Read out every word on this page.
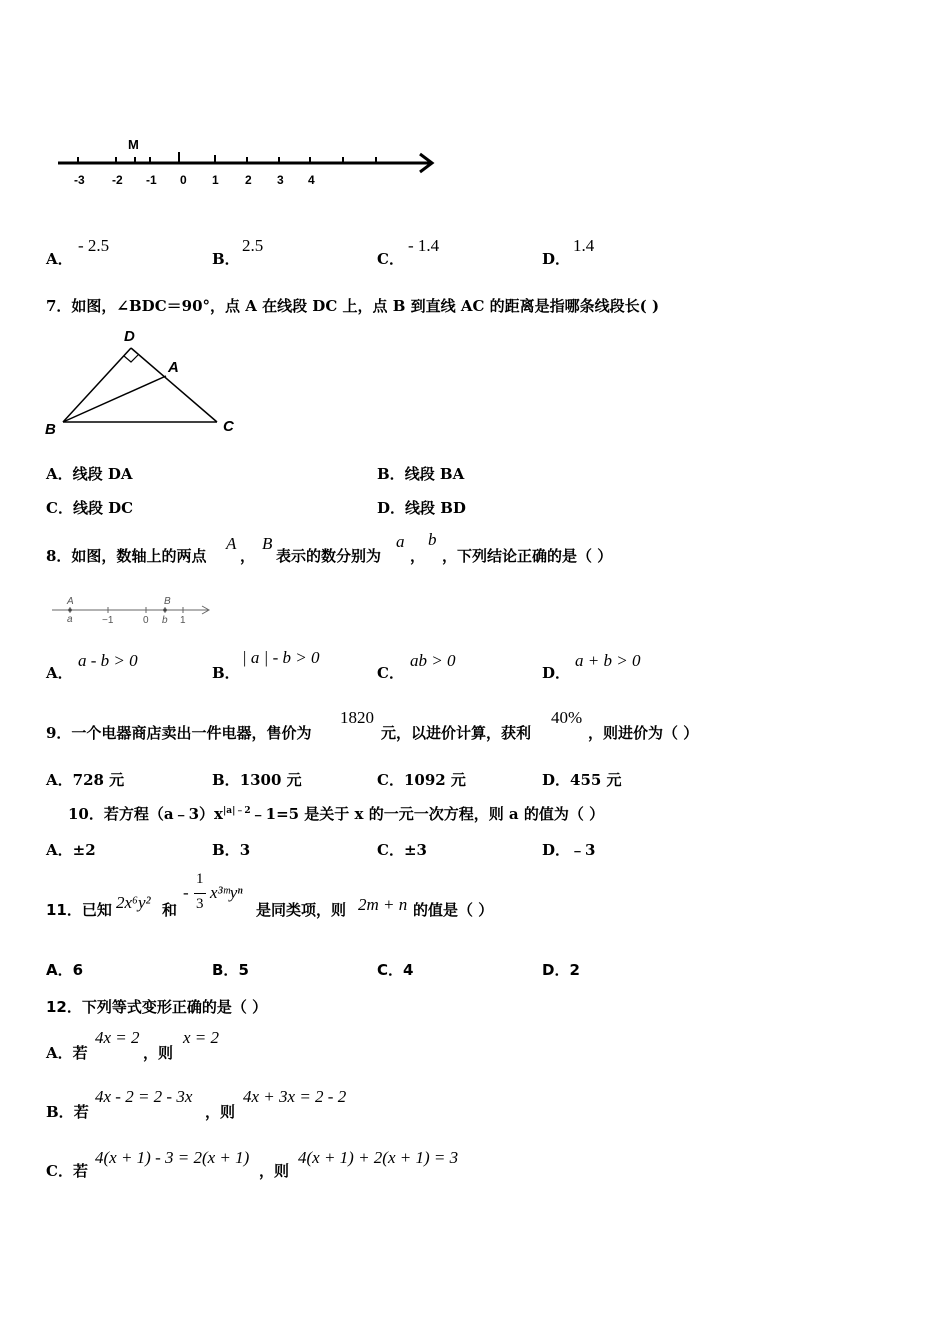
M
-3 -2 -1 0 1 2 3 4
A．
- 2.5
B．
2.5
C．
- 1.4
D．
1.4
7．如图，∠BDC＝90°，点 A 在线段 DC 上，点 B 到直线 AC 的距离是指哪条线段长( )
D
A
B	C
A．线段 DA	B．线段 BA
C．线段 DC	D．线段 BD
8．如图，数轴上的两点
A
，
B
表示的数分别为
a
，
b
，下列结论正确的是（ ）
A	B
a	−1	0 b 1
A．
a - b > 0
B．
| a | - b > 0
C．
ab > 0
D．
a + b > 0
9．一个电器商店卖出一件电器，售价为
1820
元，以进价计算，获利
40%
，则进价为（ ）
A．728 元	B．1300 元	C．1092 元	D．455 元
10．若方程$(a﹣3)x^{|a|﹣2}﹣1=5$ 是关于 x 的一元一次方程，则 a 的值为（ ）
A．±2	B．3	C．±3	D．﹣3
11．已知 2x⁶y² 和
-
1
3
x³ᵐyⁿ
是同类项，则 2m + n 的值是（ ）
A．6	B．5	C．4	D．2
12．下列等式变形正确的是（ ）
A．若
4x = 2
，则
x = 2
B．若
4x - 2 = 2 - 3x
，则
4x + 3x = 2 - 2
C．若
4(x + 1) - 3 = 2(x + 1)
，则
4(x + 1) + 2(x + 1) = 3
